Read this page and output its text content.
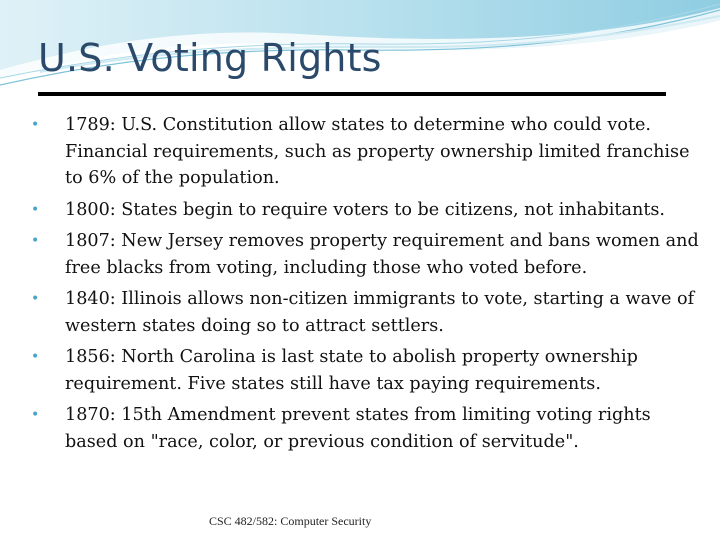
U.S. Voting Rights
• 1789: U.S. Constitution allow states to determine who could vote. Financial requirements, such as property ownership limited franchise to 6% of the population.
• 1800: States begin to require voters to be citizens, not inhabitants.
• 1807: New Jersey removes property requirement and bans women and free blacks from voting, including those who voted before.
• 1840: Illinois allows non-citizen immigrants to vote, starting a wave of western states doing so to attract settlers.
• 1856: North Carolina is last state to abolish property ownership requirement. Five states still have tax paying requirements.
• 1870: 15th Amendment prevent states from limiting voting rights based on "race, color, or previous condition of servitude".
CSC 482/582: Computer Security
